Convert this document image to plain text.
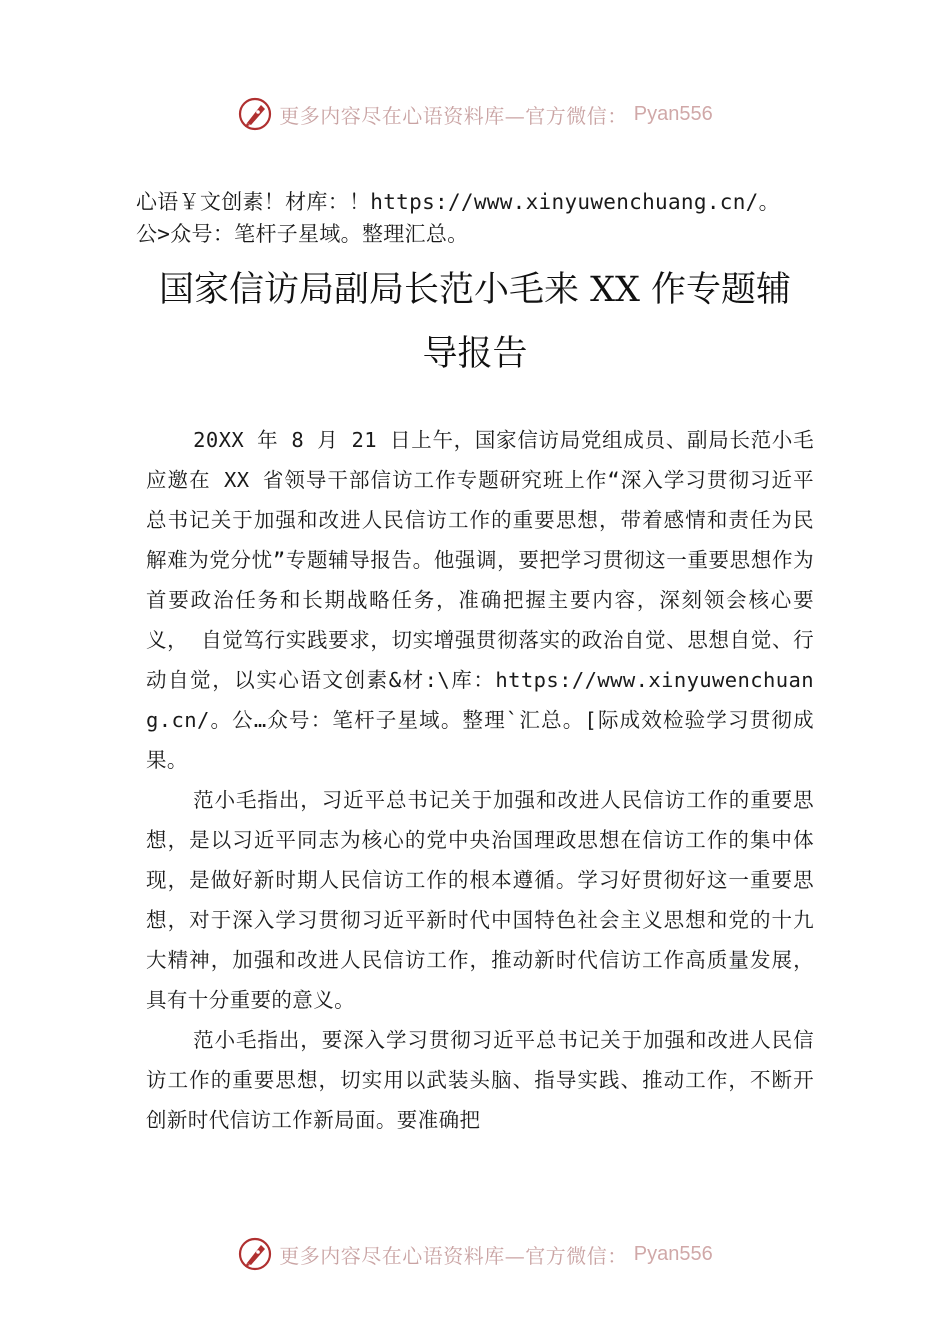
更多内容尽在心语资料库—官方微信： Pyan556
心语￥文创素！材库：！https://www.xinyuwenchuang.cn/。
公>众号：笔杆子星域。整理汇总。
国家信访局副局长范小毛来 XX 作专题辅
导报告

20XX 年 8 月 21 日上午，国家信访局党组成员、副局长范小毛应邀在 XX 省领导干部信访工作专题研究班上作“深入学习贯彻习近平总书记关于加强和改进人民信访工作的重要思想，带着感情和责任为民解难为党分忧”专题辅导报告。他强调，要把学习贯彻这一重要思想作为首要政治任务和长期战略任务，准确把握主要内容，深刻领会核心要义， 自觉笃行实践要求，切实增强贯彻落实的政治自觉、思想自觉、行动自觉，以实心语文创素&材:\库：https://www.xinyuwenchuang.cn/。公…众号：笔杆子星域。整理`汇总。[际成效检验学习贯彻成果。

范小毛指出，习近平总书记关于加强和改进人民信访工作的重要思想，是以习近平同志为核心的党中央治国理政思想在信访工作的集中体现，是做好新时期人民信访工作的根本遵循。学习好贯彻好这一重要思想，对于深入学习贯彻习近平新时代中国特色社会主义思想和党的十九大精神，加强和改进人民信访工作，推动新时代信访工作高质量发展，具有十分重要的意义。

范小毛指出，要深入学习贯彻习近平总书记关于加强和改进人民信访工作的重要思想，切实用以武装头脑、指导实践、推动工作，不断开创新时代信访工作新局面。要准确把

更多内容尽在心语资料库—官方微信： Pyan556
